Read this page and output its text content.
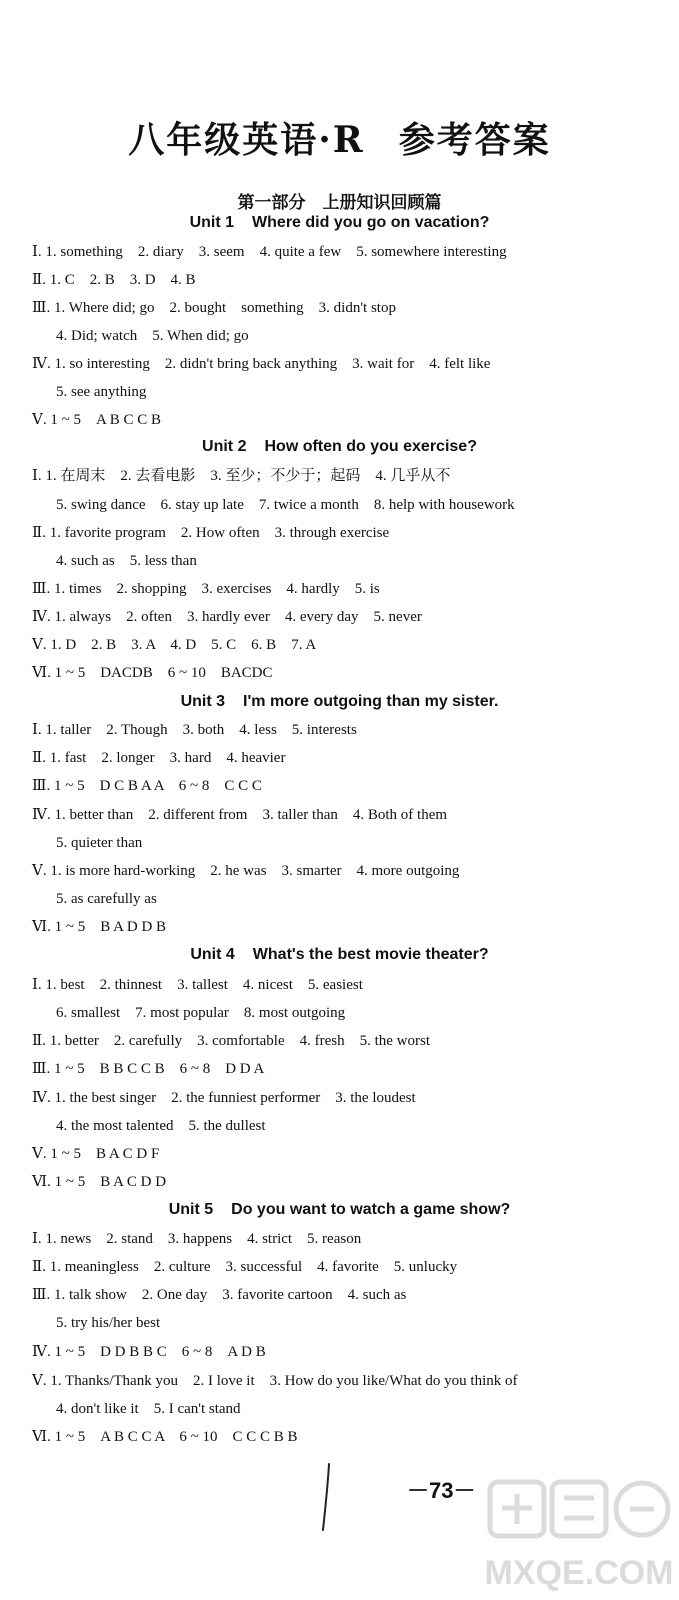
八年级英语·R 参考答案
第一部分　上册知识回顾篇
Unit 1 Where did you go on vacation?
Ⅰ. 1. something　2. diary　3. seem　4. quite a few　5. somewhere interesting
Ⅱ. 1. C　2. B　3. D　4. B
Ⅲ. 1. Where did; go　2. bought　something　3. didn't stop
4. Did; watch　5. When did; go
Ⅳ. 1. so interesting　2. didn't bring back anything　3. wait for　4. felt like
5. see anything
Ⅴ. 1 ~ 5　A B C C B
Unit 2 How often do you exercise?
Ⅰ. 1. 在周末　2. 去看电影　3. 至少；不少于；起码　4. 几乎从不
5. swing dance　6. stay up late　7. twice a month　8. help with housework
Ⅱ. 1. favorite program　2. How often　3. through exercise
4. such as　5. less than
Ⅲ. 1. times　2. shopping　3. exercises　4. hardly　5. is
Ⅳ. 1. always　2. often　3. hardly ever　4. every day　5. never
Ⅴ. 1. D　2. B　3. A　4. D　5. C　6. B　7. A
Ⅵ. 1 ~ 5　DACDB　6 ~ 10　BACDC
Unit 3 I'm more outgoing than my sister.
Ⅰ. 1. taller　2. Though　3. both　4. less　5. interests
Ⅱ. 1. fast　2. longer　3. hard　4. heavier
Ⅲ. 1 ~ 5　D C B A A　6 ~ 8　C C C
Ⅳ. 1. better than　2. different from　3. taller than　4. Both of them
5. quieter than
Ⅴ. 1. is more hard-working　2. he was　3. smarter　4. more outgoing
5. as carefully as
Ⅵ. 1 ~ 5　B A D D B
Unit 4 What's the best movie theater?
Ⅰ. 1. best　2. thinnest　3. tallest　4. nicest　5. easiest
6. smallest　7. most popular　8. most outgoing
Ⅱ. 1. better　2. carefully　3. comfortable　4. fresh　5. the worst
Ⅲ. 1 ~ 5　B B C C B　6 ~ 8　D D A
Ⅳ. 1. the best singer　2. the funniest performer　3. the loudest
4. the most talented　5. the dullest
Ⅴ. 1 ~ 5　B A C D F
Ⅵ. 1 ~ 5　B A C D D
Unit 5 Do you want to watch a game show?
Ⅰ. 1. news　2. stand　3. happens　4. strict　5. reason
Ⅱ. 1. meaningless　2. culture　3. successful　4. favorite　5. unlucky
Ⅲ. 1. talk show　2. One day　3. favorite cartoon　4. such as
5. try his/her best
Ⅳ. 1 ~ 5　D D B B C　6 ~ 8　A D B
Ⅴ. 1. Thanks/Thank you　2. I love it　3. How do you like/What do you think of
4. don't like it　5. I can't stand
Ⅵ. 1 ~ 5　A B C C A　6 ~ 10　C C C B B
－73－
MXQE.COM
